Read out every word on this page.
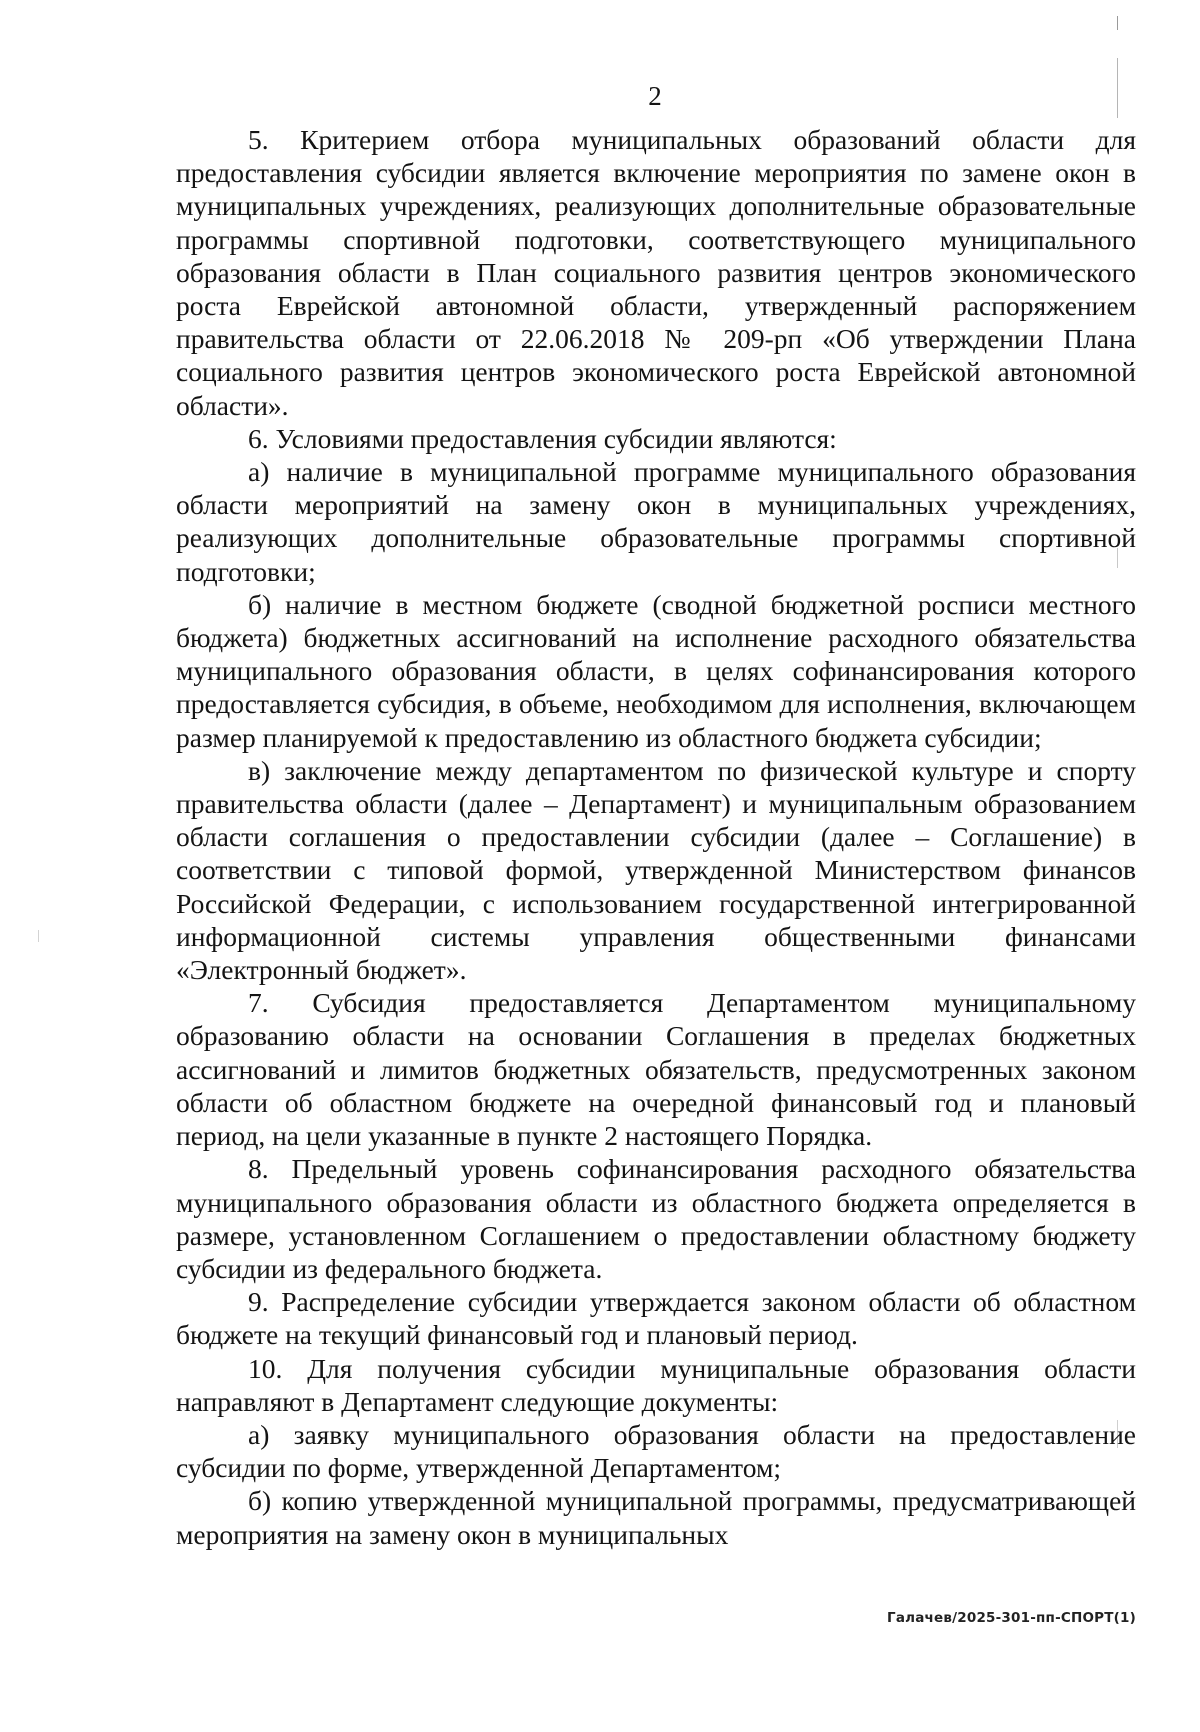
2

5. Критерием отбора муниципальных образований области для предоставления субсидии является включение мероприятия по замене окон в муниципальных учреждениях, реализующих дополнительные образовательные программы спортивной подготовки, соответствующего муниципального образования области в План социального развития центров экономического роста Еврейской автономной области, утвержденный распоряжением правительства области от 22.06.2018 № 209-рп «Об утверждении Плана социального развития центров экономического роста Еврейской автономной области».

6. Условиями предоставления субсидии являются:

а) наличие в муниципальной программе муниципального образования области мероприятий на замену окон в муниципальных учреждениях, реализующих дополнительные образовательные программы спортивной подготовки;

б) наличие в местном бюджете (сводной бюджетной росписи местного бюджета) бюджетных ассигнований на исполнение расходного обязательства муниципального образования области, в целях софинансирования которого предоставляется субсидия, в объеме, необходимом для исполнения, включающем размер планируемой к предоставлению из областного бюджета субсидии;

в) заключение между департаментом по физической культуре и спорту правительства области (далее – Департамент) и муниципальным образованием области соглашения о предоставлении субсидии (далее – Соглашение) в соответствии с типовой формой, утвержденной Министерством финансов Российской Федерации, с использованием государственной интегрированной информационной системы управления общественными финансами «Электронный бюджет».

7. Субсидия предоставляется Департаментом муниципальному образованию области на основании Соглашения в пределах бюджетных ассигнований и лимитов бюджетных обязательств, предусмотренных законом области об областном бюджете на очередной финансовый год и плановый период, на цели указанные в пункте 2 настоящего Порядка.

8. Предельный уровень софинансирования расходного обязательства муниципального образования области из областного бюджета определяется в размере, установленном Соглашением о предоставлении областному бюджету субсидии из федерального бюджета.

9. Распределение субсидии утверждается законом области об областном бюджете на текущий финансовый год и плановый период.

10. Для получения субсидии муниципальные образования области направляют в Департамент следующие документы:

а) заявку муниципального образования области на предоставление субсидии по форме, утвержденной Департаментом;

б) копию утвержденной муниципальной программы, предусматривающей мероприятия на замену окон в муниципальных

Галачев/2025-301-пп-СПОРТ(1)
